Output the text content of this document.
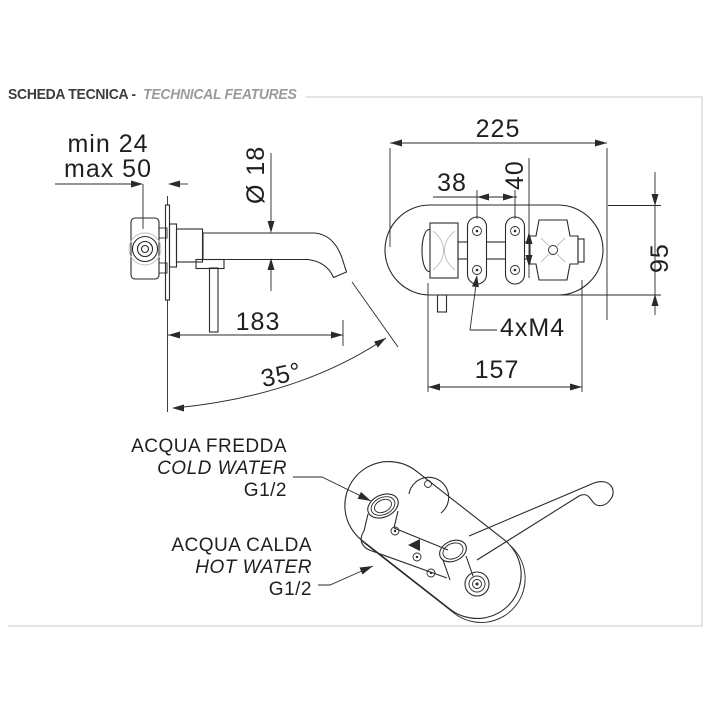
SCHEDA TECNICA - TECHNICAL FEATURES
min 24
max 50	Ø 18
183
35°
225
38 40
95
4xM4
157
ACQUA FREDDA
COLD WATER
G1/2
ACQUA CALDA
HOT WATER
G1/2
